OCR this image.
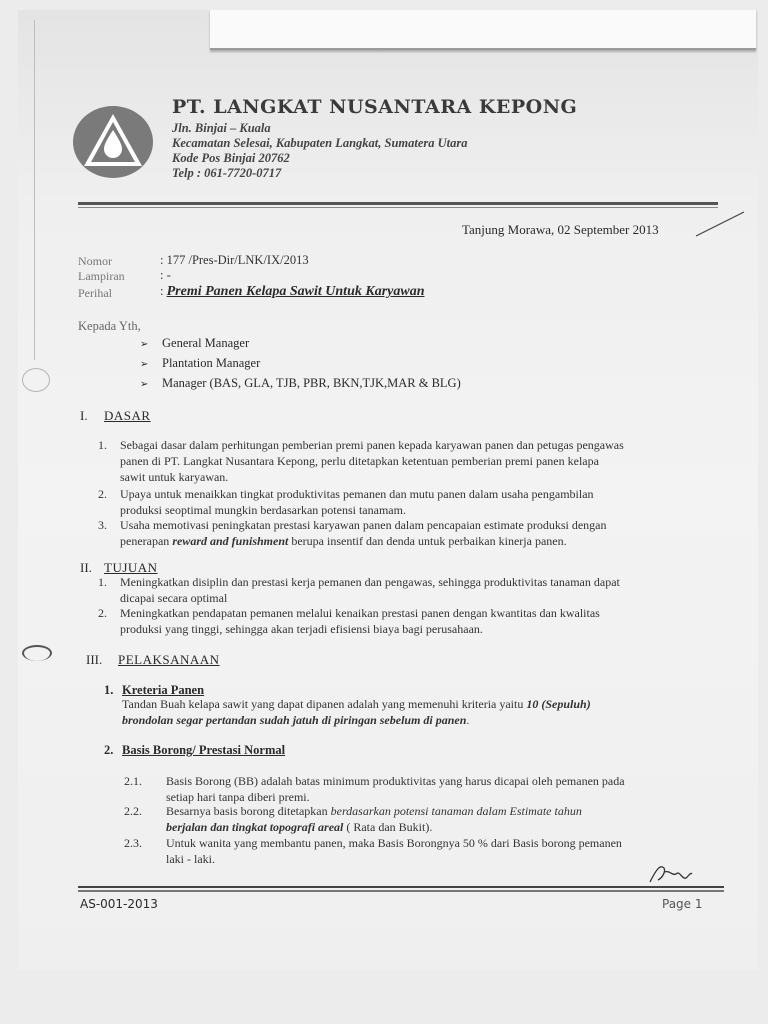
PT. LANGKAT NUSANTARA KEPONG
Jln. Binjai – Kuala
Kecamatan Selesai, Kabupaten Langkat, Sumatera Utara
Kode Pos Binjai 20762
Telp : 061-7720-0717
Tanjung Morawa, 02 September 2013
Nomor	: 177 /Pres-Dir/LNK/IX/2013
Lampiran	: -
Perihal	: Premi Panen Kelapa Sawit Untuk Karyawan
Kepada Yth,
➢ General Manager
➢ Plantation Manager
➢ Manager (BAS, GLA, TJB, PBR, BKN,TJK,MAR & BLG)
I. DASAR
1. Sebagai dasar dalam perhitungan pemberian premi panen kepada karyawan panen dan petugas pengawas
panen di PT. Langkat Nusantara Kepong, perlu ditetapkan ketentuan pemberian premi panen kelapa
sawit untuk karyawan.
2. Upaya untuk menaikkan tingkat produktivitas pemanen dan mutu panen dalam usaha pengambilan
produksi seoptimal mungkin berdasarkan potensi tanamam.
3. Usaha memotivasi peningkatan prestasi karyawan panen dalam pencapaian estimate produksi dengan
penerapan reward and funishment berupa insentif dan denda untuk perbaikan kinerja panen.
II. TUJUAN
1. Meningkatkan disiplin dan prestasi kerja pemanen dan pengawas, sehingga produktivitas tanaman dapat
dicapai secara optimal
2. Meningkatkan pendapatan pemanen melalui kenaikan prestasi panen dengan kwantitas dan kwalitas
produksi yang tinggi, sehingga akan terjadi efisiensi biaya bagi perusahaan.
III. PELAKSANAAN
1. Kreteria Panen
Tandan Buah kelapa sawit yang dapat dipanen adalah yang memenuhi kriteria yaitu 10 (Sepuluh)
brondolan segar pertandan sudah jatuh di piringan sebelum di panen.
2. Basis Borong/ Prestasi Normal
2.1. Basis Borong (BB) adalah batas minimum produktivitas yang harus dicapai oleh pemanen pada
setiap hari tanpa diberi premi.
2.2. Besarnya basis borong ditetapkan berdasarkan potensi tanaman dalam Estimate tahun
berjalan dan tingkat topografi areal ( Rata dan Bukit).
2.3. Untuk wanita yang membantu panen, maka Basis Borongnya 50 % dari Basis borong pemanen
laki - laki.
AS-001-2013	Page 1
